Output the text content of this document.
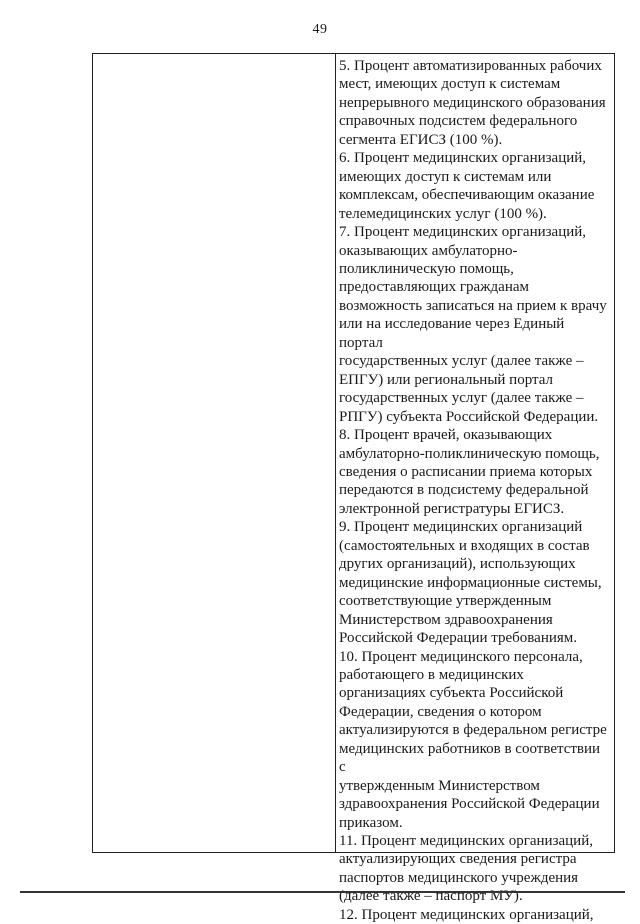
49

5. Процент автоматизированных рабочих
мест, имеющих доступ к системам
непрерывного медицинского образования
справочных подсистем федерального
сегмента ЕГИСЗ (100 %).

6. Процент медицинских организаций,
имеющих доступ к системам или
комплексам, обеспечивающим оказание
телемедицинских услуг (100 %).

7. Процент медицинских организаций,
оказывающих амбулаторно-
поликлиническую помощь,
предоставляющих гражданам
возможность записаться на прием к врачу
или на исследование через Единый портал
государственных услуг (далее также –
ЕПГУ) или региональный портал
государственных услуг (далее также –
РПГУ) субъекта Российской Федерации.

8. Процент врачей, оказывающих
амбулаторно-поликлиническую помощь,
сведения о расписании приема которых
передаются в подсистему федеральной
электронной регистратуры ЕГИСЗ.

9. Процент медицинских организаций
(самостоятельных и входящих в состав
других организаций), использующих
медицинские информационные системы,
соответствующие утвержденным
Министерством здравоохранения
Российской Федерации требованиям.

10. Процент медицинского персонала,
работающего в медицинских
организациях субъекта Российской
Федерации, сведения о котором
актуализируются в федеральном регистре
медицинских работников в соответствии с
утвержденным Министерством
здравоохранения Российской Федерации
приказом.

11. Процент медицинских организаций,
актуализирующих сведения регистра
паспортов медицинского учреждения
(далее также – паспорт МУ).

12. Процент медицинских организаций,
